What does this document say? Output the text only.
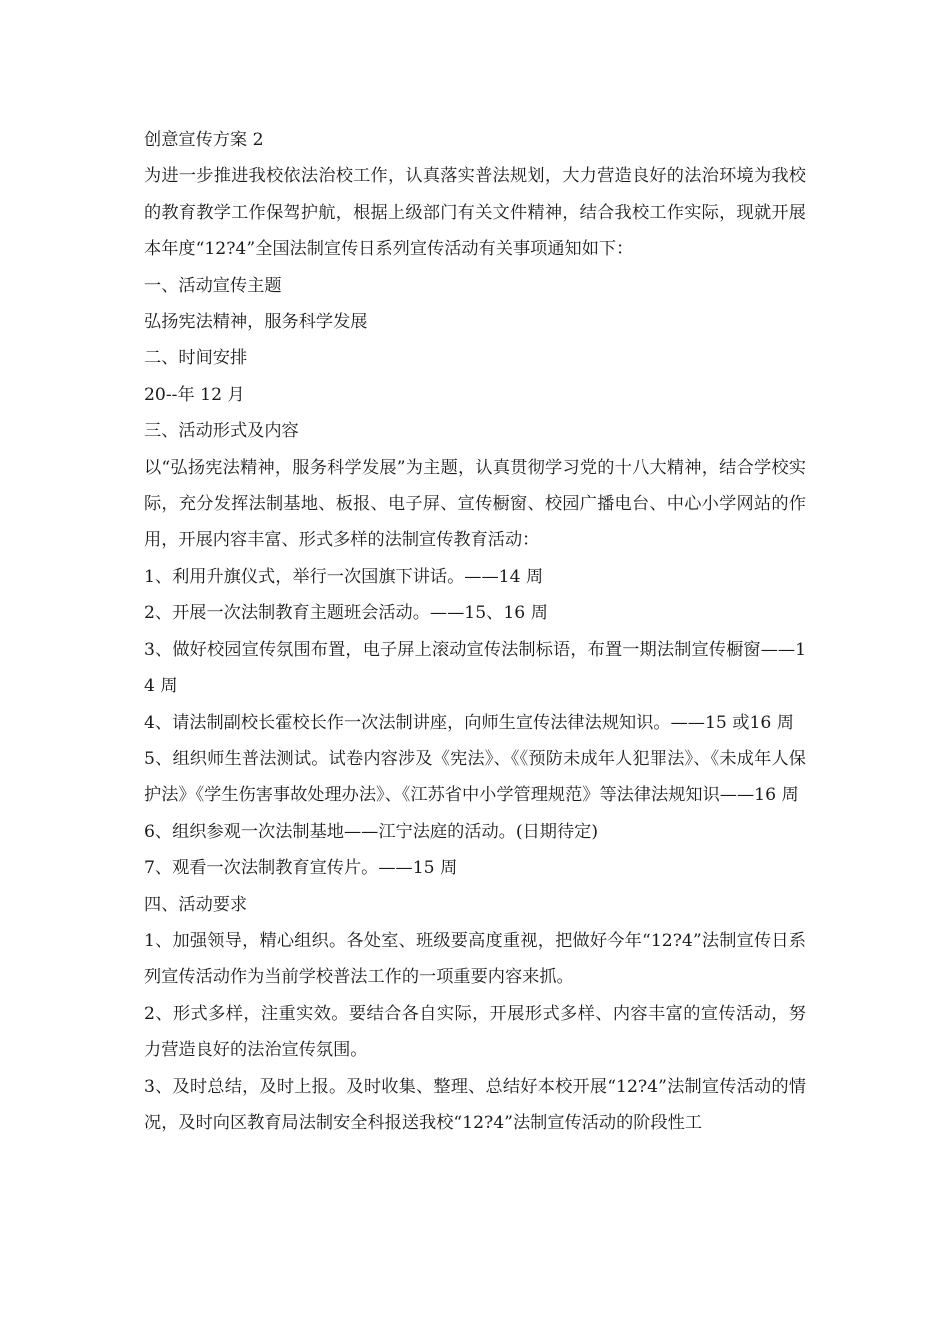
创意宣传方案 2

为进一步推进我校依法治校工作，认真落实普法规划，大力营造良好的法治环境为我校的教育教学工作保驾护航，根据上级部门有关文件精神，结合我校工作实际，现就开展本年度“12?4”全国法制宣传日系列宣传活动有关事项通知如下：

一、活动宣传主题

弘扬宪法精神，服务科学发展

二、时间安排

20--年 12 月

三、活动形式及内容

以“弘扬宪法精神，服务科学发展”为主题，认真贯彻学习党的十八大精神，结合学校实际，充分发挥法制基地、板报、电子屏、宣传橱窗、校园广播电台、中心小学网站的作用，开展内容丰富、形式多样的法制宣传教育活动：

1、利用升旗仪式，举行一次国旗下讲话。——14 周

2、开展一次法制教育主题班会活动。——15、16 周

3、做好校园宣传氛围布置，电子屏上滚动宣传法制标语，布置一期法制宣传橱窗——14 周

4、请法制副校长霍校长作一次法制讲座，向师生宣传法律法规知识。——15 或16 周

5、组织师生普法测试。试卷内容涉及《宪法》、《《预防未成年人犯罪法》、《未成年人保护法》《学生伤害事故处理办法》、《江苏省中小学管理规范》等法律法规知识——16 周

6、组织参观一次法制基地——江宁法庭的活动。(日期待定)

7、观看一次法制教育宣传片。——15 周

四、活动要求

1、加强领导，精心组织。各处室、班级要高度重视，把做好今年“12?4”法制宣传日系列宣传活动作为当前学校普法工作的一项重要内容来抓。

2、形式多样，注重实效。要结合各自实际，开展形式多样、内容丰富的宣传活动，努力营造良好的法治宣传氛围。

3、及时总结，及时上报。及时收集、整理、总结好本校开展“12?4”法制宣传活动的情况，及时向区教育局法制安全科报送我校“12?4”法制宣传活动的阶段性工
